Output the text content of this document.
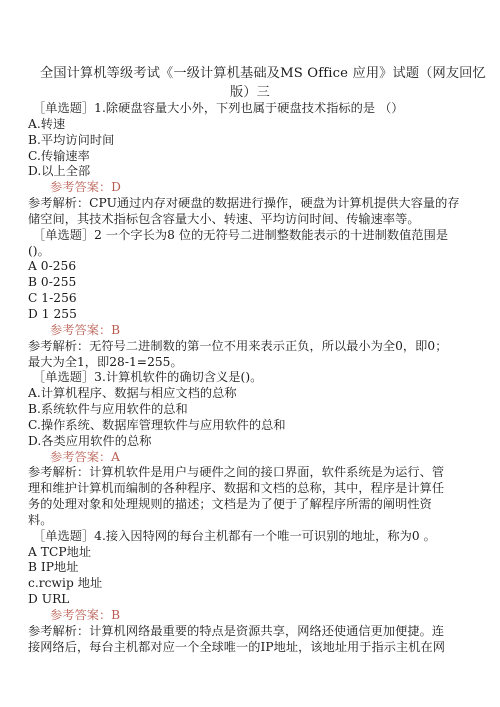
全国计算机等级考试《一级计算机基础及MS Office 应用》试题（网友回忆
版）三
［单选题］1.除硬盘容量大小外，下列也属于硬盘技术指标的是 （）
A.转速
B.平均访问时间
C.传输速率
D.以上全部
参考答案：D
参考解析：CPU通过内存对硬盘的数据进行操作，硬盘为计算机提供大容量的存
储空间，其技术指标包含容量大小、转速、平均访问时间、传输速率等。
［单选题］2 一个字长为8 位的无符号二进制整数能表示的十进制数值范围是
()。
A 0-256
B 0-255
C 1-256
D 1 255
参考答案：B
参考解析：无符号二进制数的第一位不用来表示正负，所以最小为全0，即0；
最大为全1，即28-1=255。
［单选题］3.计算机软件的确切含义是()。
A.计算机程序、数据与相应文档的总称
B.系统软件与应用软件的总和
C.操作系统、数据库管理软件与应用软件的总和
D.各类应用软件的总称
参考答案：A
参考解析：计算机软件是用户与硬件之间的接口界面，软件系统是为运行、管
理和维护计算机而编制的各种程序、数据和文档的总称，其中，程序是计算任
务的处理对象和处理规则的描述；文档是为了便于了解程序所需的阐明性资
料。
［单选题］4.接入因特网的每台主机都有一个唯一可识别的地址，称为0 。
A TCP地址
B IP地址
c.rcwip 地址
D URL
参考答案：B
参考解析：计算机网络最重要的特点是资源共享，网络还使通信更加便捷。连
接网络后，每台主机都对应一个全球唯一的IP地址，该地址用于指示主机在网
